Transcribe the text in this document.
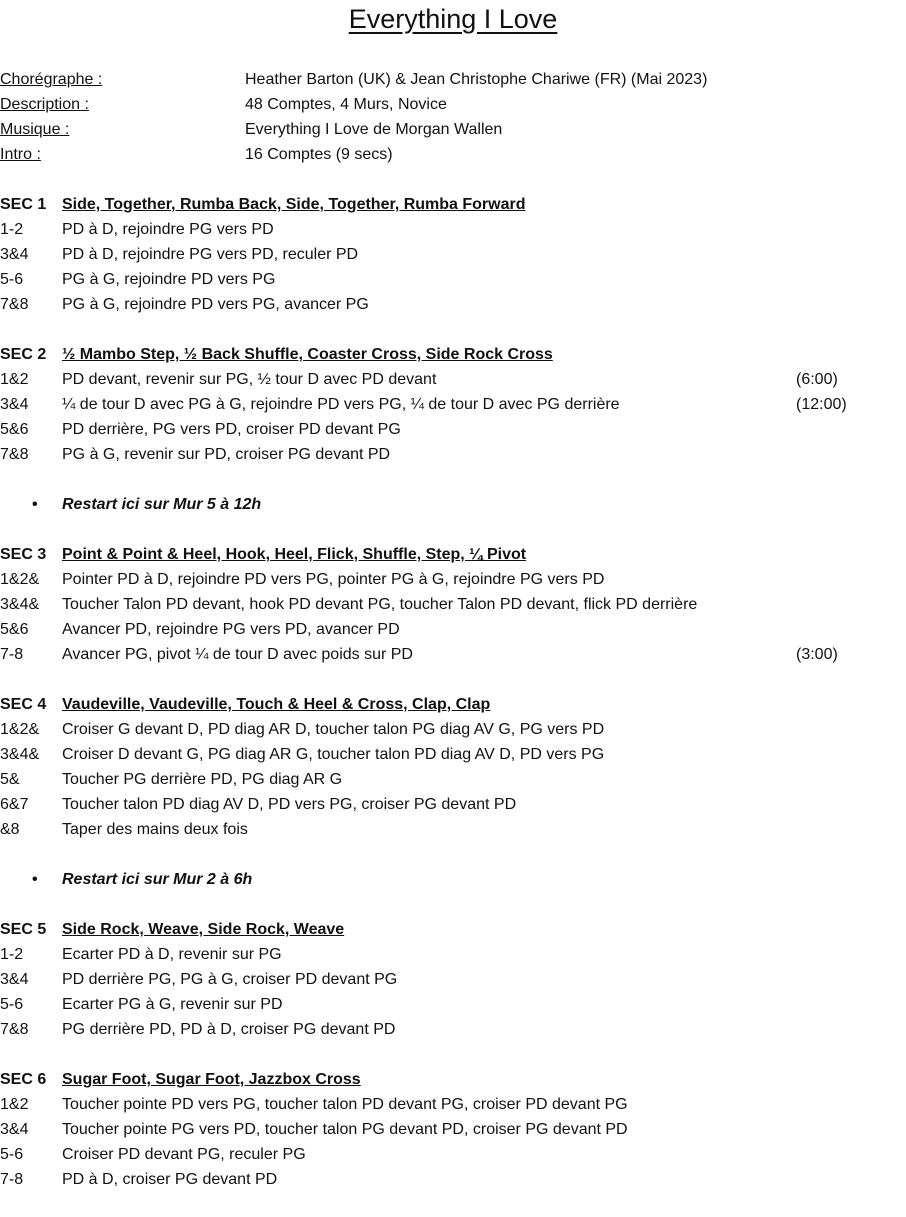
Everything I Love
Chorégraphe :	Heather Barton (UK) & Jean Christophe Chariwe (FR) (Mai 2023)
Description :	48 Comptes, 4 Murs, Novice
Musique :	Everything I Love de Morgan Wallen
Intro :	16 Comptes (9 secs)
SEC 1 Side, Together, Rumba Back, Side, Together, Rumba Forward
1-2 PD à D, rejoindre PG vers PD
3&4 PD à D, rejoindre PG vers PD, reculer PD
5-6 PG à G, rejoindre PD vers PG
7&8 PG à G, rejoindre PD vers PG, avancer PG
SEC 2 ½ Mambo Step, ½ Back Shuffle, Coaster Cross, Side Rock Cross
1&2 PD devant, revenir sur PG, ½ tour D avec PD devant	(6:00)
3&4 ¼ de tour D avec PG à G, rejoindre PD vers PG, ¼ de tour D avec PG derrière	(12:00)
5&6 PD derrière, PG vers PD, croiser PD devant PG
7&8 PG à G, revenir sur PD, croiser PG devant PD
• Restart ici sur Mur 5 à 12h
SEC 3 Point & Point & Heel, Hook, Heel, Flick, Shuffle, Step, ¼ Pivot
1&2& Pointer PD à D, rejoindre PD vers PG, pointer PG à G, rejoindre PG vers PD
3&4& Toucher Talon PD devant, hook PD devant PG, toucher Talon PD devant, flick PD derrière
5&6 Avancer PD, rejoindre PG vers PD, avancer PD
7-8 Avancer PG, pivot ¼ de tour D avec poids sur PD	(3:00)
SEC 4 Vaudeville, Vaudeville, Touch & Heel & Cross, Clap, Clap
1&2& Croiser G devant D, PD diag AR D, toucher talon PG diag AV G, PG vers PD
3&4& Croiser D devant G, PG diag AR G, toucher talon PD diag AV D, PD vers PG
5&	Toucher PG derrière PD, PG diag AR G
6&7 Toucher talon PD diag AV D, PD vers PG, croiser PG devant PD
&8	Taper des mains deux fois
• Restart ici sur Mur 2 à 6h
SEC 5 Side Rock, Weave, Side Rock, Weave
1-2 Ecarter PD à D, revenir sur PG
3&4 PD derrière PG, PG à G, croiser PD devant PG
5-6 Ecarter PG à G, revenir sur PD
7&8 PG derrière PD, PD à D, croiser PG devant PD
SEC 6 Sugar Foot, Sugar Foot, Jazzbox Cross
1&2 Toucher pointe PD vers PG, toucher talon PD devant PG, croiser PD devant PG
3&4 Toucher pointe PG vers PD, toucher talon PG devant PD, croiser PG devant PD
5-6 Croiser PD devant PG, reculer PG
7-8 PD à D, croiser PG devant PD
